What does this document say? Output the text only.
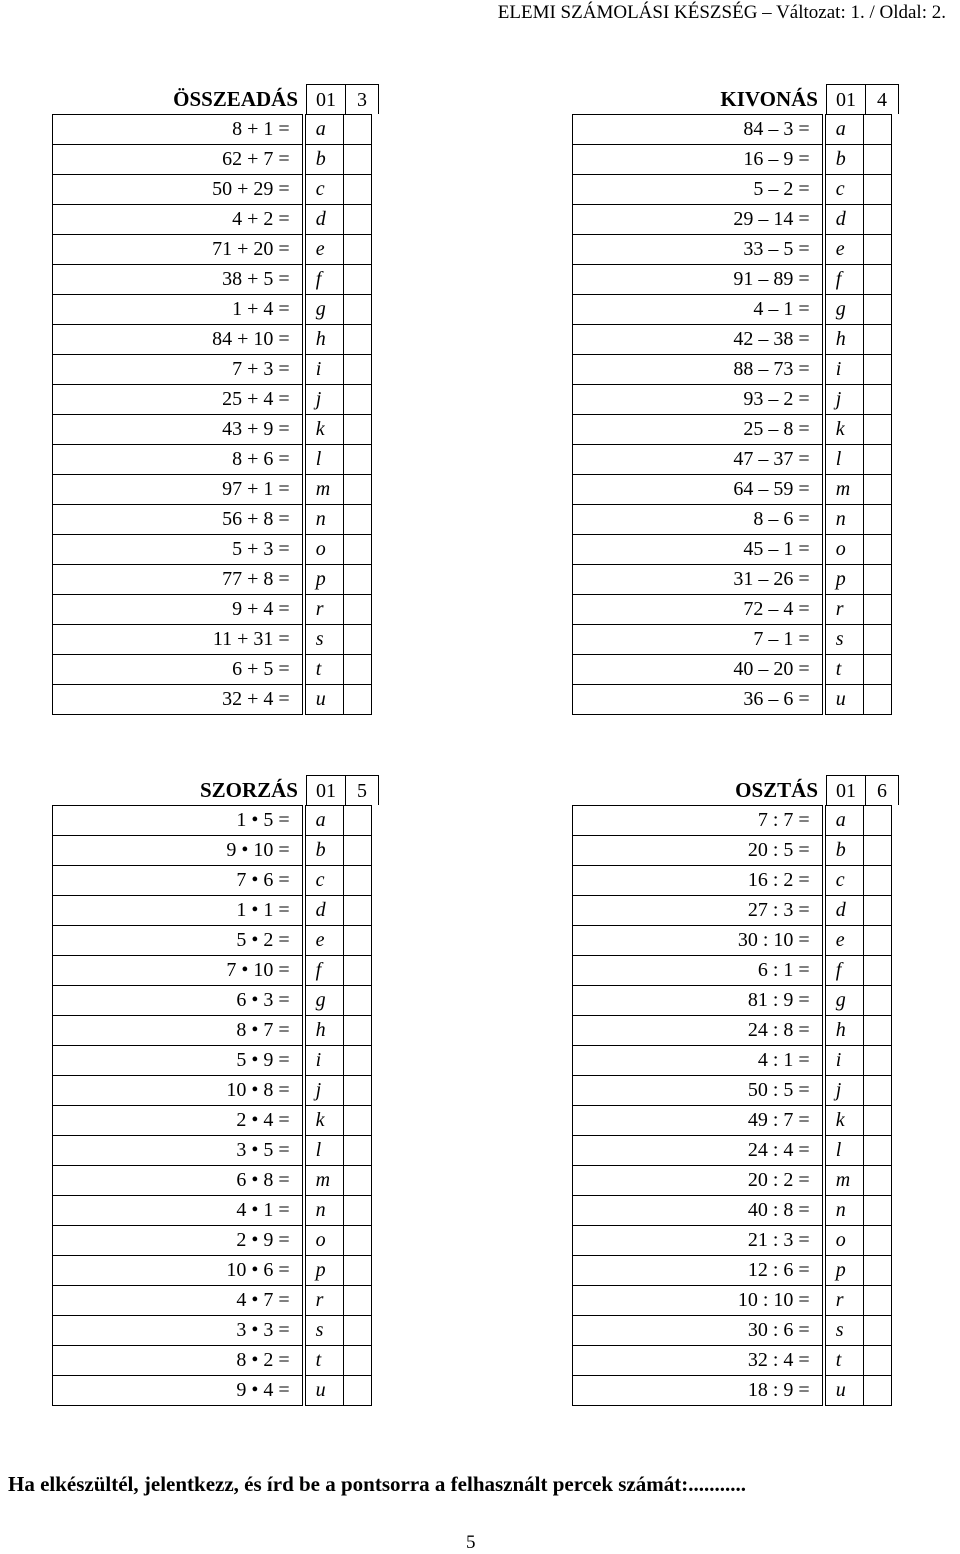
ELEMI SZÁMOLÁSI KÉSZSÉG – Változat: 1. / Oldal: 2.
ÖSSZEADÁS 01	3
8 + 1 =	a	
62 + 7 =	b	
50 + 29 =	c	
4 + 2 =	d	
71 + 20 =	e	
38 + 5 =	f	
1 + 4 =	g	
84 + 10 =	h	
7 + 3 =	i	
25 + 4 =	j	
43 + 9 =	k	
8 + 6 =	l	
97 + 1 =	m	
56 + 8 =	n	
5 + 3 =	o	
77 + 8 =	p	
9 + 4 =	r	
11 + 31 =	s	
6 + 5 =	t	
32 + 4 =	u	
KIVONÁS 01	4
84 – 3 =	a	
16 – 9 =	b	
5 – 2 =	c	
29 – 14 =	d	
33 – 5 =	e	
91 – 89 =	f	
4 – 1 =	g	
42 – 38 =	h	
88 – 73 =	i	
93 – 2 =	j	
25 – 8 =	k	
47 – 37 =	l	
64 – 59 =	m	
8 – 6 =	n	
45 – 1 =	o	
31 – 26 =	p	
72 – 4 =	r	
7 – 1 =	s	
40 – 20 =	t	
36 – 6 =	u	
SZORZÁS 01	5
1 • 5 =	a	
9 • 10 =	b	
7 • 6 =	c	
1 • 1 =	d	
5 • 2 =	e	
7 • 10 =	f	
6 • 3 =	g	
8 • 7 =	h	
5 • 9 =	i	
10 • 8 =	j	
2 • 4 =	k	
3 • 5 =	l	
6 • 8 =	m	
4 • 1 =	n	
2 • 9 =	o	
10 • 6 =	p	
4 • 7 =	r	
3 • 3 =	s	
8 • 2 =	t	
9 • 4 =	u	
OSZTÁS 01	6
7 : 7 =	a	
20 : 5 =	b	
16 : 2 =	c	
27 : 3 =	d	
30 : 10 =	e	
6 : 1 =	f	
81 : 9 =	g	
24 : 8 =	h	
4 : 1 =	i	
50 : 5 =	j	
49 : 7 =	k	
24 : 4 =	l	
20 : 2 =	m	
40 : 8 =	n	
21 : 3 =	o	
12 : 6 =	p	
10 : 10 =	r	
30 : 6 =	s	
32 : 4 =	t	
18 : 9 =	u	
Ha elkészültél, jelentkezz, és írd be a pontsorra a felhasznált percek számát:...........
5
